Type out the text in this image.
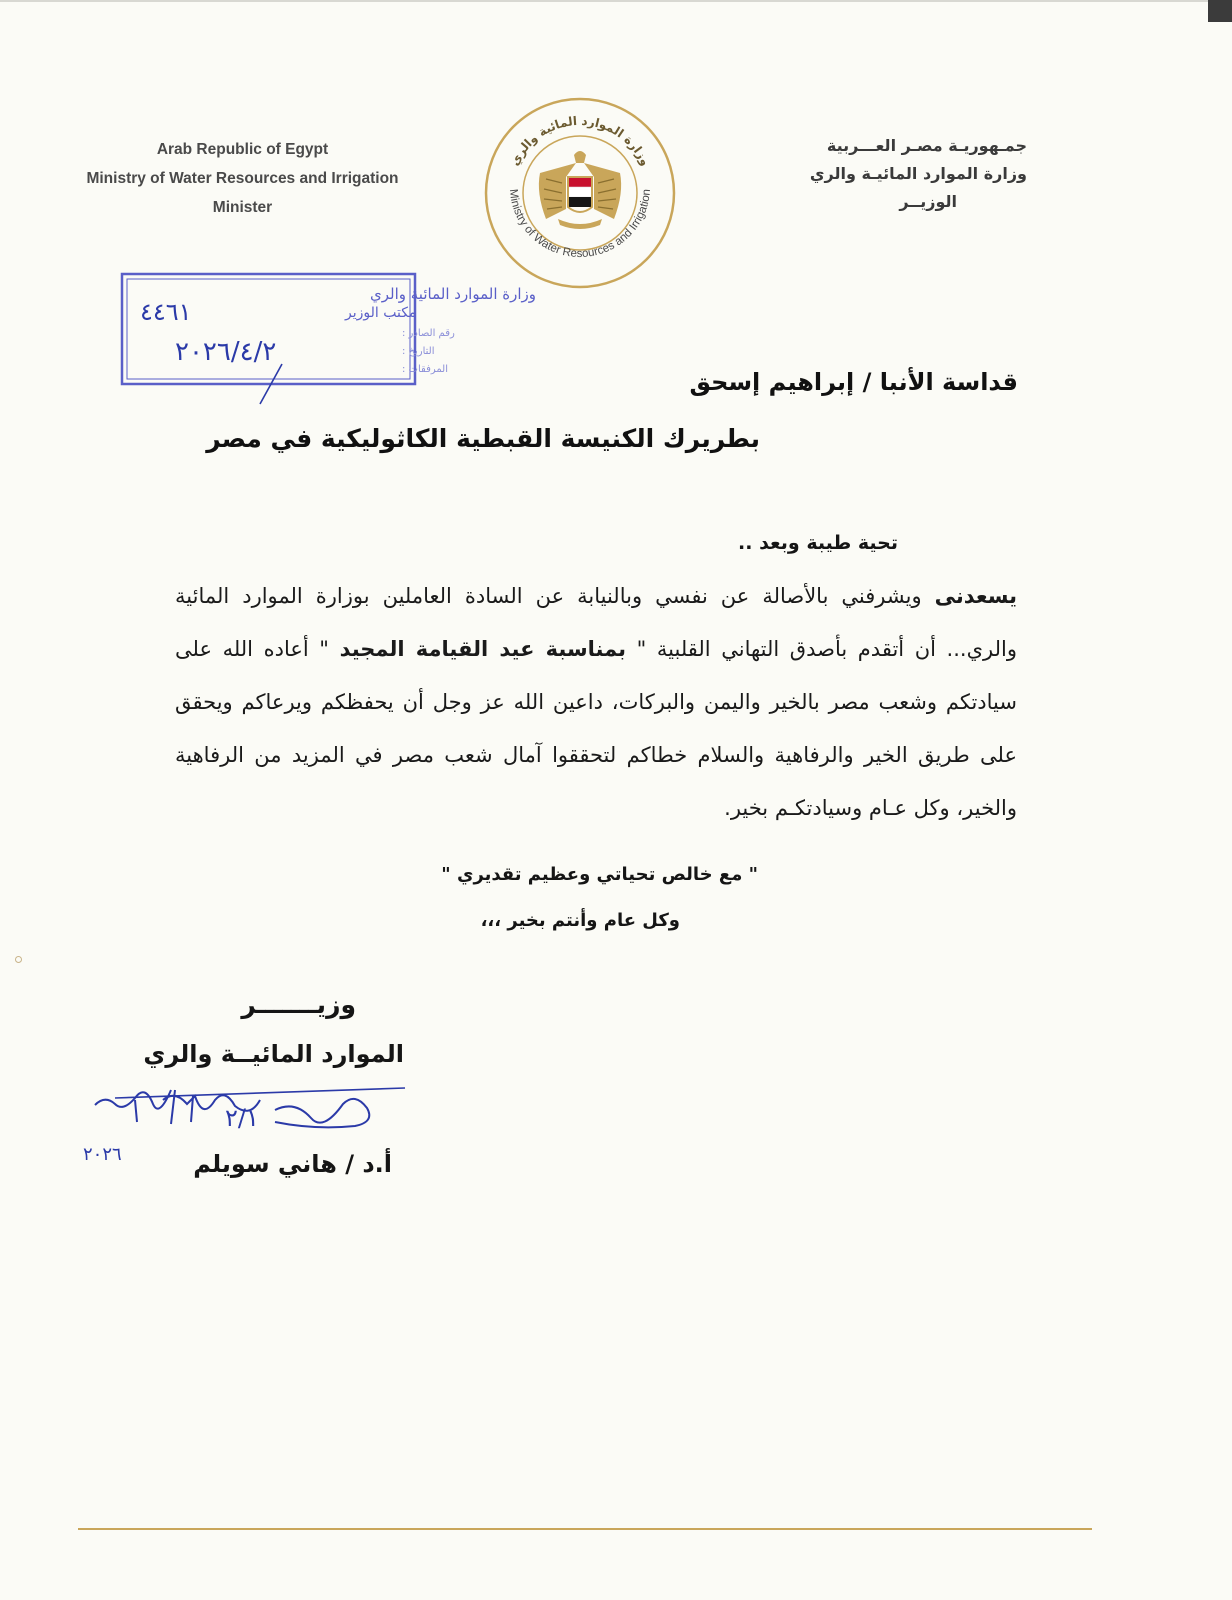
Arab Republic of Egypt
Ministry of Water Resources and Irrigation
Minister
وزارة الموارد المائية والري
Ministry of Water Resources and Irrigation
جمـهوريـة مصـر العـــربية
وزارة الموارد المائيـة والري
الوزيــر
وزارة الموارد المائية والري
مكتب الوزير
رقم الصادر :
التاريخ :
المرفقات :
٤٤٦١
٢٠٢٦/٤/٢
قداسة الأنبا / إبراهيم إسحق
بطريرك الكنيسة القبطية الكاثوليكية في مصر
تحية طيبة وبعد ..
يسعدنى ويشرفني بالأصالة عن نفسي وبالنيابة عن السادة العاملين بوزارة الموارد المائية والري... أن أتقدم بأصدق التهاني القلبية " بمناسبة عيد القيامة المجيد " أعاده الله على سيادتكم وشعب مصر بالخير واليمن والبركات، داعين الله عز وجل أن يحفظكم ويرعاكم ويحقق على طريق الخير والرفاهية والسلام خطاكم لتحققوا آمال شعب مصر في المزيد من الرفاهية والخير، وكل عـام وسيادتكـم بخير.
" مع خالص تحياتي وعظيم تقديري "
وكل عام وأنتم بخير ،،،
وزيـــــــر
الموارد المائيــة والري
٢/١
٢٠٢٦	أ.د / هاني سويلم
